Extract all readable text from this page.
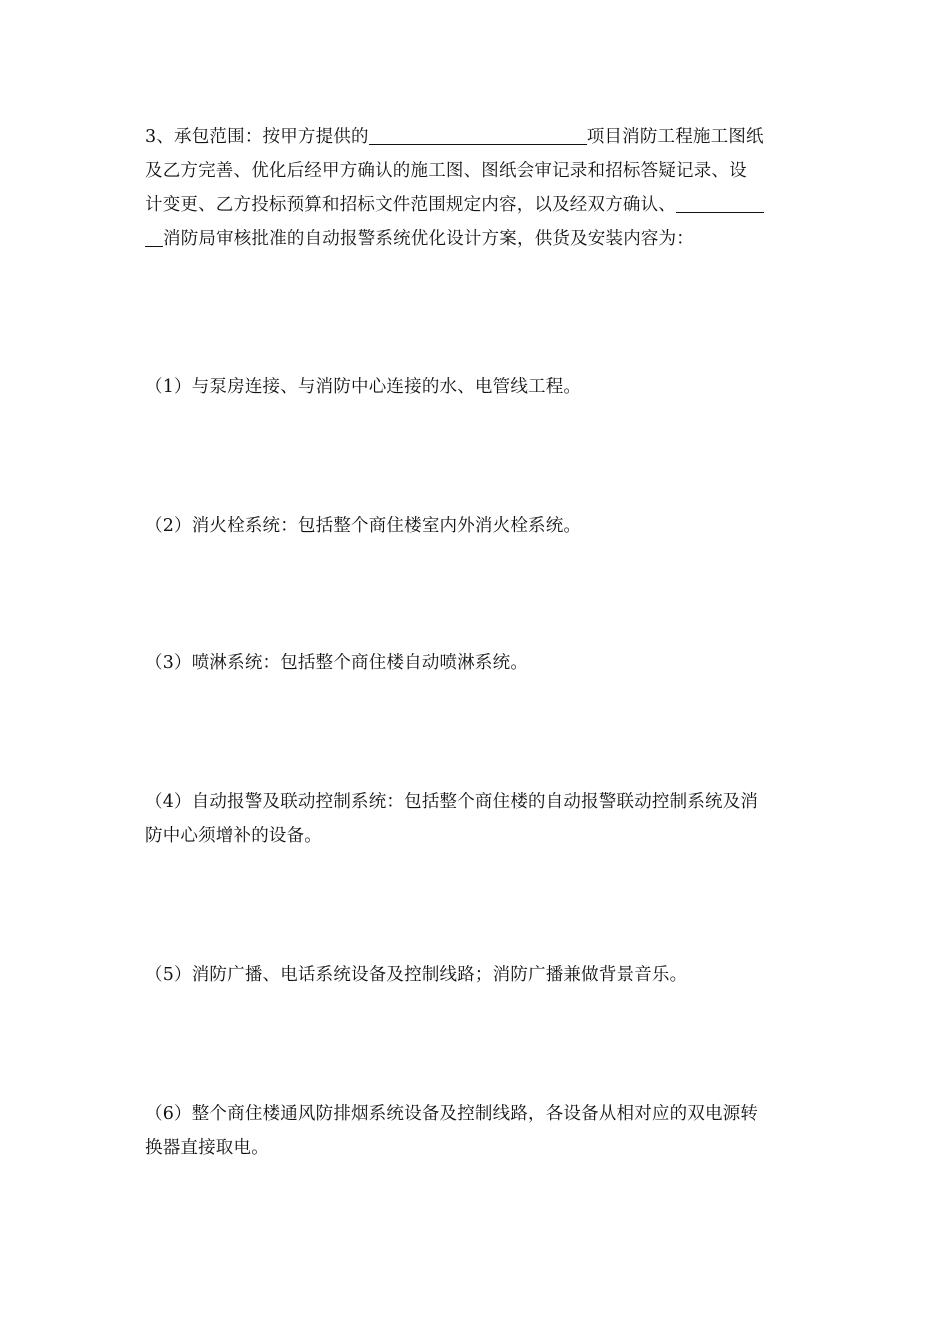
3、承包范围：按甲方提供的	项目消防工程施工图纸
及乙方完善、优化后经甲方确认的施工图、图纸会审记录和招标答疑记录、设
计变更、乙方投标预算和招标文件范围规定内容，以及经双方确认、
消防局审核批准的自动报警系统优化设计方案，供货及安装内容为：
（1）与泵房连接、与消防中心连接的水、电管线工程。
（2）消火栓系统：包括整个商住楼室内外消火栓系统。
（3）喷淋系统：包括整个商住楼自动喷淋系统。
（4）自动报警及联动控制系统：包括整个商住楼的自动报警联动控制系统及消
防中心须增补的设备。
（5）消防广播、电话系统设备及控制线路；消防广播兼做背景音乐。
（6）整个商住楼通风防排烟系统设备及控制线路，各设备从相对应的双电源转
换器直接取电。
